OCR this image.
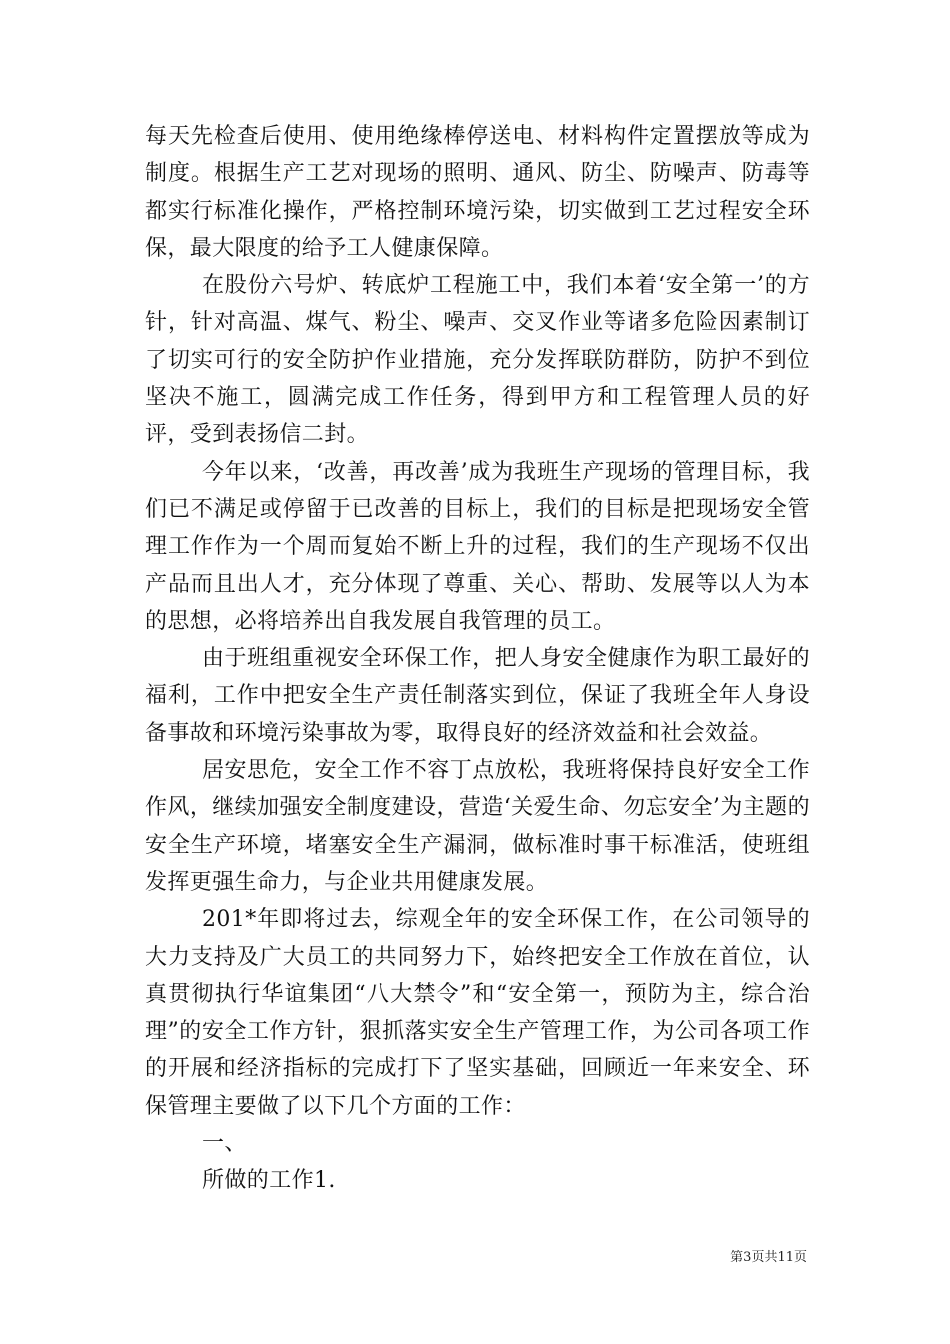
每天先检查后使用、使用绝缘棒停送电、材料构件定置摆放等成为制度。根据生产工艺对现场的照明、通风、防尘、防噪声、防毒等都实行标准化操作，严格控制环境污染，切实做到工艺过程安全环保，最大限度的给予工人健康保障。

在股份六号炉、转底炉工程施工中，我们本着‘安全第一’的方针，针对高温、煤气、粉尘、噪声、交叉作业等诸多危险因素制订了切实可行的安全防护作业措施，充分发挥联防群防，防护不到位坚决不施工，圆满完成工作任务，得到甲方和工程管理人员的好评，受到表扬信二封。

今年以来，‘改善，再改善’成为我班生产现场的管理目标，我们已不满足或停留于已改善的目标上，我们的目标是把现场安全管理工作作为一个周而复始不断上升的过程，我们的生产现场不仅出产品而且出人才，充分体现了尊重、关心、帮助、发展等以人为本的思想，必将培养出自我发展自我管理的员工。

由于班组重视安全环保工作，把人身安全健康作为职工最好的福利，工作中把安全生产责任制落实到位，保证了我班全年人身设备事故和环境污染事故为零，取得良好的经济效益和社会效益。

居安思危，安全工作不容丁点放松，我班将保持良好安全工作作风，继续加强安全制度建设，营造‘关爱生命、勿忘安全’为主题的安全生产环境，堵塞安全生产漏洞，做标准时事干标准活，使班组发挥更强生命力，与企业共用健康发展。

201*年即将过去，综观全年的安全环保工作，在公司领导的大力支持及广大员工的共同努力下，始终把安全工作放在首位，认真贯彻执行华谊集团“八大禁令”和“安全第一，预防为主，综合治理”的安全工作方针，狠抓落实安全生产管理工作，为公司各项工作的开展和经济指标的完成打下了坚实基础，回顾近一年来安全、环保管理主要做了以下几个方面的工作：

一、

所做的工作1.

第3页共11页
